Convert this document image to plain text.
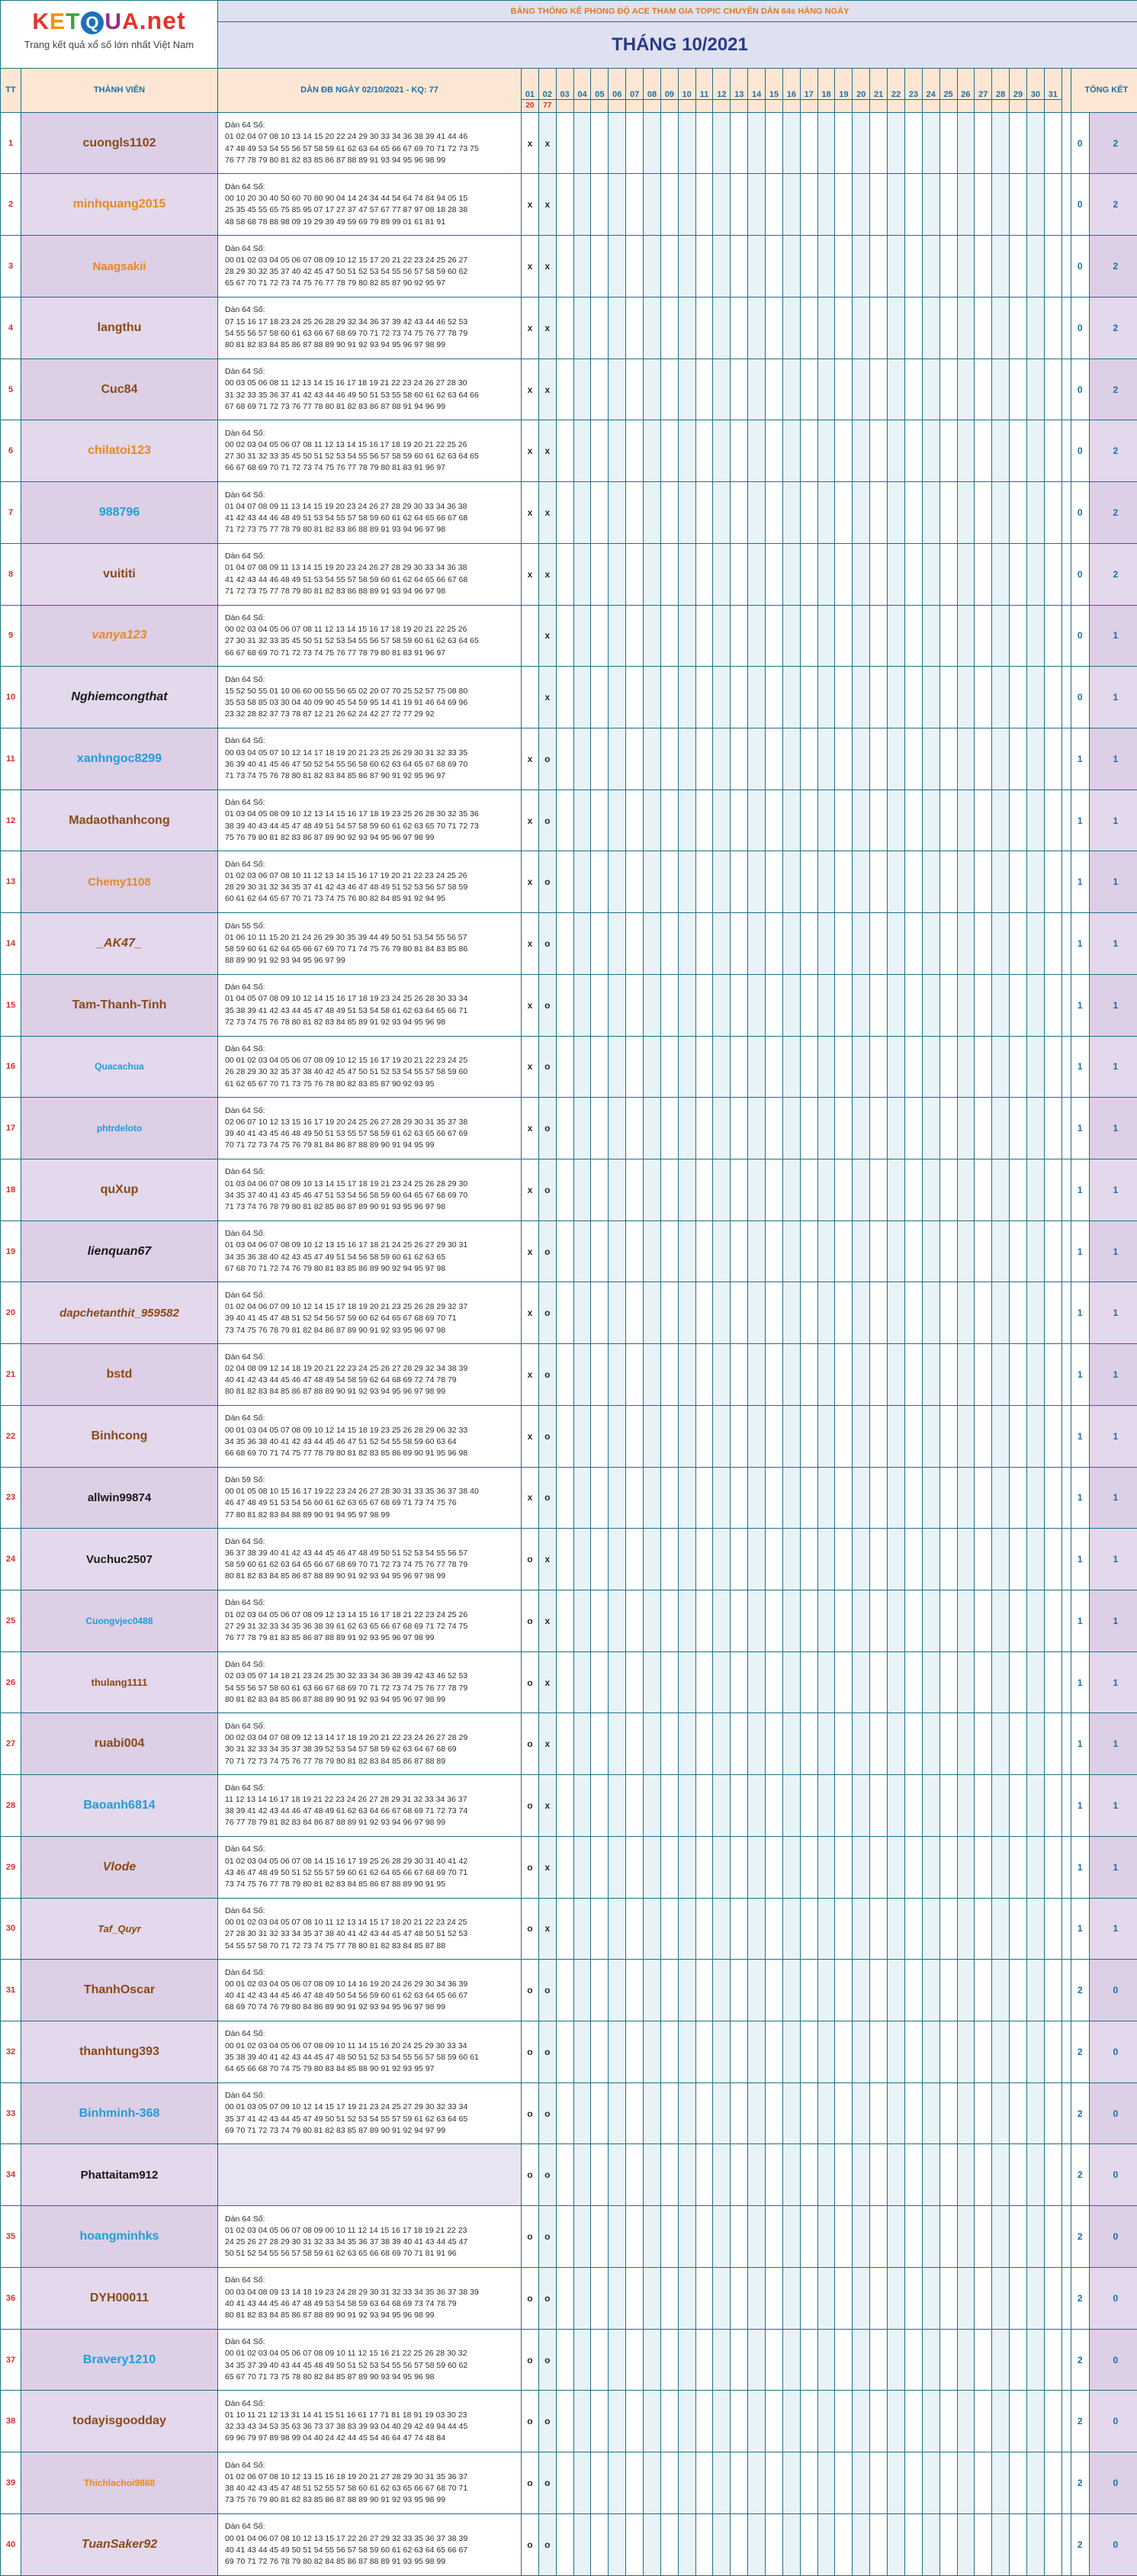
KET Q UA.net
Trang kết quả xổ số lớn nhất Việt Nam		BẢNG THỐNG KÊ PHONG ĐỘ ACE THAM GIA TOPIC CHUYÊN DÀN 64s HÀNG NGÀY																																		
		THÁNG 10/2021																																		
TT	THÀNH VIÊN	DÀN ĐB NGÀY 02/10/2021 - KQ: 77	01	02	03	04	05	06	07	08	09	10	11	12	13	14	15	16	17	18	19	20	21	22	23	24	25	26	27	28	29	30	31		TỔNG KẾT	
			20	77																																
1	cuongls1102	Dàn 64 Số:
01 02 04 07 08 10 13 14 15 20 22 24 29 30 33 34 36 38 39 41 44 46
47 48 49 53 54 55 56 57 58 59 61 62 63 64 65 66 67 69 70 71 72 73 75
76 77 78 79 80 81 82 83 85 86 87 88 89 91 93 94 95 96 98 99	x	x																															0	2
2	minhquang2015	Dàn 64 Số:
00 10 20 30 40 50 60 70 80 90 04 14 24 34 44 54 64 74 84 94 05 15
25 35 45 55 65 75 85 95 07 17 27 37 47 57 67 77 87 97 08 18 28 38
48 58 68 78 88 98 09 19 29 39 49 59 69 79 89 99 01 61 81 91	x	x																															0	2
3	Naagsakii	Dàn 64 Số:
00 01 02 03 04 05 06 07 08 09 10 12 15 17 20 21 22 23 24 25 26 27
28 29 30 32 35 37 40 42 45 47 50 51 52 53 54 55 56 57 58 59 60 62
65 67 70 71 72 73 74 75 76 77 78 79 80 82 85 87 90 92 95 97	x	x																															0	2
4	langthu	Dàn 64 Số:
07 15 16 17 18 23 24 25 26 28 29 32 34 36 37 39 42 43 44 46 52 53
54 55 56 57 58 60 61 63 66 67 68 69 70 71 72 73 74 75 76 77 78 79
80 81 82 83 84 85 86 87 88 89 90 91 92 93 94 95 96 97 98 99	x	x																															0	2
5	Cuc84	Dàn 64 Số:
00 03 05 06 08 11 12 13 14 15 16 17 18 19 21 22 23 24 26 27 28 30
31 32 33 35 36 37 41 42 43 44 46 49 50 51 53 55 58 60 61 62 63 64 66
67 68 69 71 72 73 76 77 78 80 81 82 83 86 87 88 91 94 96 99	x	x																															0	2
6	chilatoi123	Dàn 64 Số:
00 02 03 04 05 06 07 08 11 12 13 14 15 16 17 18 19 20 21 22 25 26
27 30 31 32 33 35 45 50 51 52 53 54 55 56 57 58 59 60 61 62 63 64 65
66 67 68 69 70 71 72 73 74 75 76 77 78 79 80 81 83 91 96 97	x	x																															0	2
7	988796	Dàn 64 Số:
01 04 07 08 09 11 13 14 15 19 20 23 24 26 27 28 29 30 33 34 36 38
41 42 43 44 46 48 49 51 53 54 55 57 58 59 60 61 62 64 65 66 67 68
71 72 73 75 77 78 79 80 81 82 83 86 88 89 91 93 94 96 97 98	x	x																															0	2
8	vuititi	Dàn 64 Số:
01 04 07 08 09 11 13 14 15 19 20 23 24 26 27 28 29 30 33 34 36 38
41 42 43 44 46 48 49 51 53 54 55 57 58 59 60 61 62 64 65 66 67 68
71 72 73 75 77 78 79 80 81 82 83 86 88 89 91 93 94 96 97 98	x	x																															0	2
9	vanya123	Dàn 64 Số:
00 02 03 04 05 06 07 08 11 12 13 14 15 16 17 18 19 20 21 22 25 26
27 30 31 32 33 35 45 50 51 52 53 54 55 56 57 58 59 60 61 62 63 64 65
66 67 68 69 70 71 72 73 74 75 76 77 78 79 80 81 83 91 96 97		x																															0	1
10	Nghiemcongthat	Dàn 64 Số:
15 52 50 55 01 10 06 60 00 55 56 65 02 20 07 70 25 52 57 75 08 80
35 53 58 85 03 30 04 40 09 90 45 54 59 95 14 41 19 91 46 64 69 96
23 32 28 82 37 73 78 87 12 21 26 62 24 42 27 72 77 29 92		x																															0	1
11	xanhngoc8299	Dàn 64 Số:
00 03 04 05 07 10 12 14 17 18 19 20 21 23 25 26 29 30 31 32 33 35
36 39 40 41 45 46 47 50 52 54 55 56 58 60 62 63 64 65 67 68 69 70
71 73 74 75 76 78 80 81 82 83 84 85 86 87 90 91 92 95 96 97	x	o																															1	1
12	Madaothanhcong	Dàn 64 Số:
01 03 04 05 08 09 10 12 13 14 15 16 17 18 19 23 25 26 28 30 32 35 36
38 39 40 43 44 45 47 48 49 51 54 57 58 59 60 61 62 63 65 70 71 72 73
75 76 79 80 81 82 83 86 87 89 90 92 93 94 95 96 97 98 99	x	o																															1	1
13	Chemy1108	Dàn 64 Số:
01 02 03 06 07 08 10 11 12 13 14 15 16 17 19 20 21 22 23 24 25 26
28 29 30 31 32 34 35 37 41 42 43 46 47 48 49 51 52 53 56 57 58 59
60 61 62 64 65 67 70 71 73 74 75 76 80 82 84 85 91 92 94 95	x	o																															1	1
14	_AK47_	Dàn 55 Số:
01 06 10 11 15 20 21 24 26 29 30 35 39 44 49 50 51 53 54 55 56 57
58 59 60 61 62 64 65 66 67 69 70 71 74 75 76 79 80 81 84 83 85 86
88 89 90 91 92 93 94 95 96 97 99	x	o																															1	1
15	Tam-Thanh-Tinh	Dàn 64 Số:
01 04 05 07 08 09 10 12 14 15 16 17 18 19 23 24 25 26 28 30 33 34
35 38 39 41 42 43 44 45 47 48 49 51 53 54 58 61 62 63 64 65 66 71
72 73 74 75 76 78 80 81 82 83 84 85 89 91 92 93 94 95 96 98	x	o																															1	1
16	Quacachua	Dàn 64 Số:
00 01 02 03 04 05 06 07 08 09 10 12 15 16 17 19 20 21 22 23 24 25
26 28 29 30 32 35 37 38 40 42 45 47 50 51 52 53 54 55 57 58 59 60
61 62 65 67 70 71 73 75 76 78 80 82 83 85 87 90 92 93 95	x	o																															1	1
17	phtrdeloto	Dàn 64 Số:
02 06 07 10 12 13 15 16 17 19 20 24 25 26 27 28 29 30 31 35 37 38
39 40 41 43 45 46 48 49 50 51 53 55 57 58 59 61 62 63 65 66 67 69
70 71 72 73 74 75 76 79 81 84 86 87 88 89 90 91 94 95 99	x	o																															1	1
18	quXup	Dàn 64 Số:
01 03 04 06 07 08 09 10 13 14 15 17 18 19 21 23 24 25 26 28 29 30
34 35 37 40 41 43 45 46 47 51 53 54 56 58 59 60 64 65 67 68 69 70
71 73 74 76 78 79 80 81 82 85 86 87 89 90 91 93 95 96 97 98	x	o																															1	1
19	lienquan67	Dàn 64 Số:
01 03 04 06 07 08 09 10 12 13 15 16 17 18 21 24 25 26 27 29 30 31
34 35 36 38 40 42 43 45 47 49 51 54 56 58 59 60 61 62 63 65
67 68 70 71 72 74 76 79 80 81 83 85 86 89 90 92 94 95 97 98	x	o																															1	1
20	dapchetanthit_959582	Dàn 64 Số:
01 02 04 06 07 09 10 12 14 15 17 18 19 20 21 23 25 26 28 29 32 37
39 40 41 45 47 48 51 52 54 56 57 59 60 62 64 65 67 68 69 70 71
73 74 75 76 78 79 81 82 84 86 87 89 90 91 92 93 95 96 97 98	x	o																															1	1
21	bstd	Dàn 64 Số:
02 04 08 09 12 14 18 19 20 21 22 23 24 25 26 27 28 29 32 34 38 39
40 41 42 43 44 45 46 47 48 49 54 58 59 62 64 68 69 72 74 78 79
80 81 82 83 84 85 86 87 88 89 90 91 92 93 94 95 96 97 98 99	x	o																															1	1
22	Binhcong	Dàn 64 Số:
00 01 03 04 05 07 08 09 10 12 14 15 18 19 23 25 26 28 29 06 32 33
34 35 36 38 40 41 42 43 44 45 46 47 51 52 54 55 58 59 60 63 64
66 68 69 70 71 74 75 77 78 79 80 81 82 83 85 86 89 90 91 95 96 98	x	o																															1	1
23	allwin99874	Dàn 59 Số:
00 01 05 08 10 15 16 17 19 22 23 24 26 27 28 30 31 33 35 36 37 38 40
46 47 48 49 51 53 54 56 60 61 62 63 65 67 68 69 71 73 74 75 76
77 80 81 82 83 84 88 89 90 91 94 95 97 98 99	x	o																															1	1
24	Vuchuc2507	Dàn 64 Số:
36 37 38 39 40 41 42 43 44 45 46 47 48 49 50 51 52 53 54 55 56 57
58 59 60 61 62 63 64 65 66 67 68 69 70 71 72 73 74 75 76 77 78 79
80 81 82 83 84 85 86 87 88 89 90 91 92 93 94 95 96 97 98 99	o	x																															1	1
25	Cuongvjec0488	Dàn 64 Số:
01 02 03 04 05 06 07 08 09 12 13 14 15 16 17 18 21 22 23 24 25 26
27 29 31 32 33 34 35 36 38 39 61 62 63 65 66 67 68 69 71 72 74 75
76 77 78 79 81 83 85 86 87 88 89 91 92 93 95 96 97 98 99	o	x																															1	1
26	thulang1111	Dàn 64 Số:
02 03 05 07 14 18 21 23 24 25 30 32 33 34 36 38 39 42 43 46 52 53
54 55 56 57 58 60 61 63 66 67 68 69 70 71 72 73 74 75 76 77 78 79
80 81 82 83 84 85 86 87 88 89 90 91 92 93 94 95 96 97 98 99	o	x																															1	1
27	ruabi004	Dàn 64 Số:
00 02 03 04 07 08 09 12 13 14 17 18 19 20 21 22 23 24 26 27 28 29
30 31 32 33 34 35 37 38 39 52 53 54 57 58 59 62 63 64 67 68 69
70 71 72 73 74 75 76 77 78 79 80 81 82 83 84 85 86 87 88 89	o	x																															1	1
28	Baoanh6814	Dàn 64 Số:
11 12 13 14 16 17 18 19 21 22 23 24 26 27 28 29 31 32 33 34 36 37
38 39 41 42 43 44 46 47 48 49 61 62 63 64 66 67 68 69 71 72 73 74
76 77 78 79 81 82 83 84 86 87 88 89 91 92 93 94 96 97 98 99	o	x																															1	1
29	Vlode	Dàn 64 Số:
01 02 03 04 05 06 07 08 14 15 16 17 19 25 26 28 29 30 31 40 41 42
43 46 47 48 49 50 51 52 55 57 59 60 61 62 64 65 66 67 68 69 70 71
73 74 75 76 77 78 79 80 81 82 83 84 85 86 87 88 89 90 91 95	o	x																															1	1
30	Taf_Quyr	Dàn 64 Số:
00 01 02 03 04 05 07 08 10 11 12 13 14 15 17 18 20 21 22 23 24 25
27 28 30 31 32 33 34 35 37 38 40 41 42 43 44 45 47 48 50 51 52 53
54 55 57 58 70 71 72 73 74 75 77 78 80 81 82 83 84 85 87 88	o	x																															1	1
31	ThanhOscar	Dàn 64 Số:
00 01 02 03 04 05 06 07 08 09 10 14 16 19 20 24 26 29 30 34 36 39
40 41 42 43 44 45 46 47 48 49 50 54 56 59 60 61 62 63 64 65 66 67
68 69 70 74 76 79 80 84 86 89 90 91 92 93 94 95 96 97 98 99	o	o																															2	0
32	thanhtung393	Dàn 64 Số:
00 01 02 03 04 05 06 07 08 09 10 11 14 15 16 20 24 25 29 30 33 34
35 38 39 40 41 42 43 44 45 47 48 50 51 52 53 54 55 56 57 58 59 60 61
64 65 66 68 70 74 75 79 80 83 84 85 88 90 91 92 93 95 97	o	o																															2	0
33	Binhminh-368	Dàn 64 Số:
00 01 03 05 07 09 10 12 14 15 17 19 21 23 24 25 27 29 30 32 33 34
35 37 41 42 43 44 45 47 49 50 51 52 53 54 55 57 59 61 62 63 64 65
69 70 71 72 73 74 79 80 81 82 83 85 87 89 90 91 92 94 97 99	o	o																															2	0
34	Phattaitam912		o	o																															2	0
35	hoangminhks	Dàn 64 Số:
01 02 03 04 05 06 07 08 09 00 10 11 12 14 15 16 17 18 19 21 22 23
24 25 26 27 28 29 30 31 32 33 34 35 36 37 38 39 40 41 43 44 45 47
50 51 52 54 55 56 57 58 59 61 62 63 65 66 68 69 70 71 81 91 96	o	o																															2	0
36	DYH00011	Dàn 64 Số:
00 03 04 08 09 13 14 18 19 23 24 28 29 30 31 32 33 34 35 36 37 38 39
40 41 43 44 45 46 47 48 49 53 54 58 59 63 64 68 69 73 74 78 79
80 81 82 83 84 85 86 87 88 89 90 91 92 93 94 95 96 98 99	o	o																															2	0
37	Bravery1210	Dàn 64 Số:
00 01 02 03 04 05 06 07 08 09 10 11 12 15 16 21 22 25 26 28 30 32
34 35 37 39 40 43 44 45 48 49 50 51 52 53 54 55 56 57 58 59 60 62
65 67 70 71 73 75 78 80 82 84 85 87 89 90 93 94 95 96 98	o	o																															2	0
38	todayisgoodday	Dàn 64 Số:
01 10 11 21 12 13 31 14 41 15 51 16 61 17 71 81 18 91 19 03 30 23
32 33 43 34 53 35 63 36 73 37 38 83 39 93 04 40 29 42 49 94 44 45
69 96 79 97 89 98 99 04 40 24 42 44 45 54 46 64 47 74 48 84	o	o																															2	0
39	Thichlachoi9868	Dàn 64 Số:
01 02 06 07 08 10 12 13 15 16 18 19 20 21 27 28 29 30 31 35 36 37
38 40 42 43 45 47 48 51 52 55 57 58 60 61 62 63 65 66 67 68 70 71
73 75 76 79 80 81 82 83 85 86 87 88 89 90 91 92 93 95 98 99	o	o																															2	0
40	TuanSaker92	Dàn 64 Số:
00 01 04 06 07 08 10 12 13 15 17 22 26 27 29 32 33 35 36 37 38 39
40 41 43 44 45 49 50 51 54 55 56 57 58 59 60 61 62 63 64 65 66 67
69 70 71 72 76 78 79 80 82 84 85 86 87 88 89 91 93 95 98 99	o	o																															2	0
